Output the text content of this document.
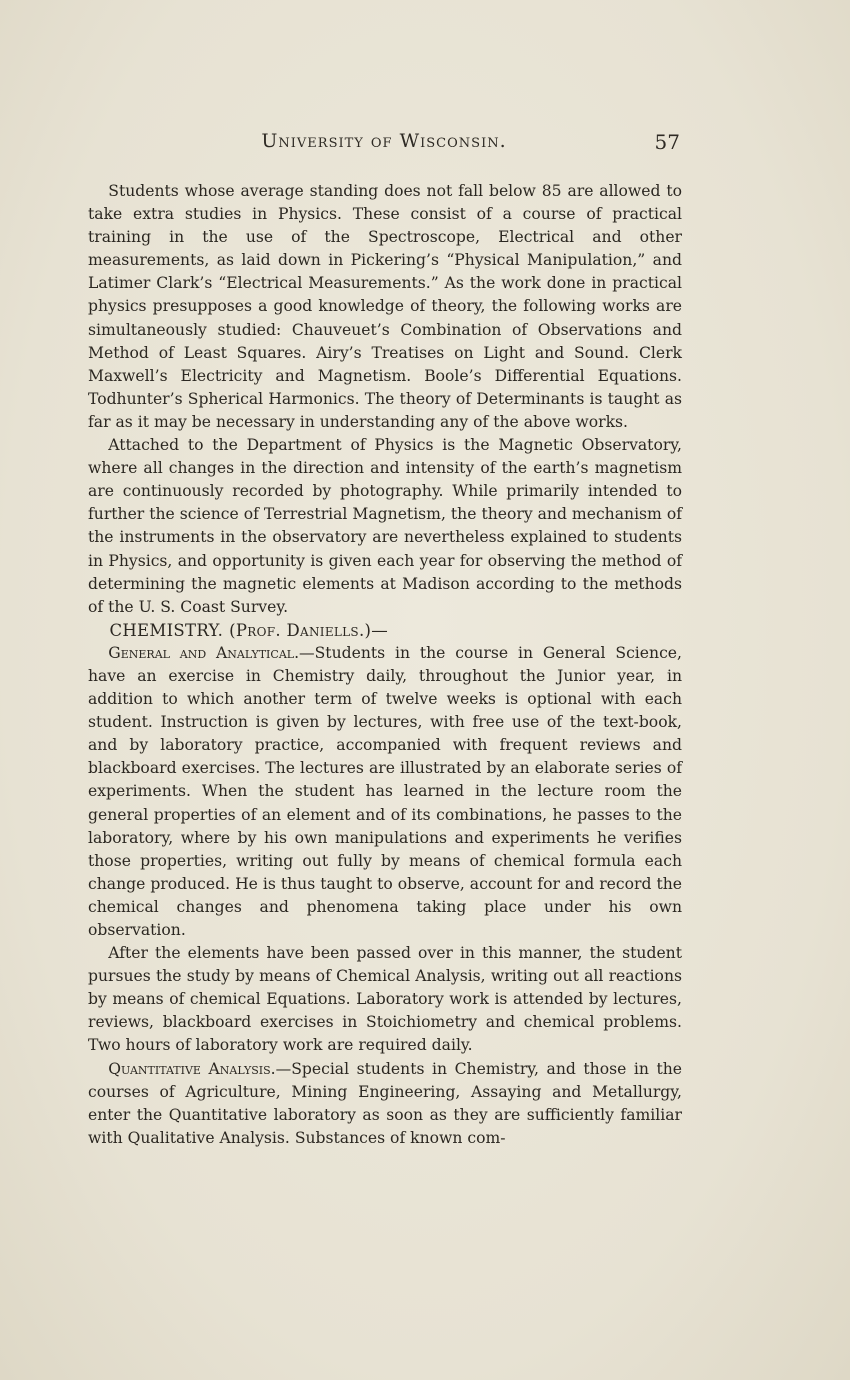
University of Wisconsin.	57

Students whose average standing does not fall below 85 are allowed to take extra studies in Physics. These consist of a course of practical training in the use of the Spectroscope, Electrical and other measurements, as laid down in Pickering’s “Physical Manipulation,” and Latimer Clark’s “Electrical Measurements.” As the work done in practical physics presupposes a good knowledge of theory, the following works are simultaneously studied: Chauveuet’s Combination of Observations and Method of Least Squares. Airy’s Treatises on Light and Sound. Clerk Maxwell’s Electricity and Magnetism. Boole’s Differential Equations. Todhunter’s Spherical Harmonics. The theory of Determinants is taught as far as it may be necessary in understanding any of the above works.

Attached to the Department of Physics is the Magnetic Observatory, where all changes in the direction and intensity of the earth’s magnetism are continuously recorded by photography. While primarily intended to further the science of Terrestrial Magnetism, the theory and mechanism of the instruments in the observatory are nevertheless explained to students in Physics, and opportunity is given each year for observing the method of determining the magnetic elements at Madison according to the methods of the U. S. Coast Survey.

CHEMISTRY. (Prof. Daniells.)—

General and Analytical.—Students in the course in General Science, have an exercise in Chemistry daily, throughout the Junior year, in addition to which another term of twelve weeks is optional with each student. Instruction is given by lectures, with free use of the text-book, and by laboratory practice, accompanied with frequent reviews and blackboard exercises. The lectures are illustrated by an elaborate series of experiments. When the student has learned in the lecture room the general properties of an element and of its combinations, he passes to the laboratory, where by his own manipulations and experiments he verifies those properties, writing out fully by means of chemical formula each change produced. He is thus taught to observe, account for and record the chemical changes and phenomena taking place under his own observation.

After the elements have been passed over in this manner, the student pursues the study by means of Chemical Analysis, writing out all reactions by means of chemical Equations. Laboratory work is attended by lectures, reviews, blackboard exercises in Stoichiometry and chemical problems. Two hours of laboratory work are required daily.

Quantitative Analysis.—Special students in Chemistry, and those in the courses of Agriculture, Mining Engineering, Assaying and Metallurgy, enter the Quantitative laboratory as soon as they are sufficiently familiar with Qualitative Analysis. Substances of known com-
